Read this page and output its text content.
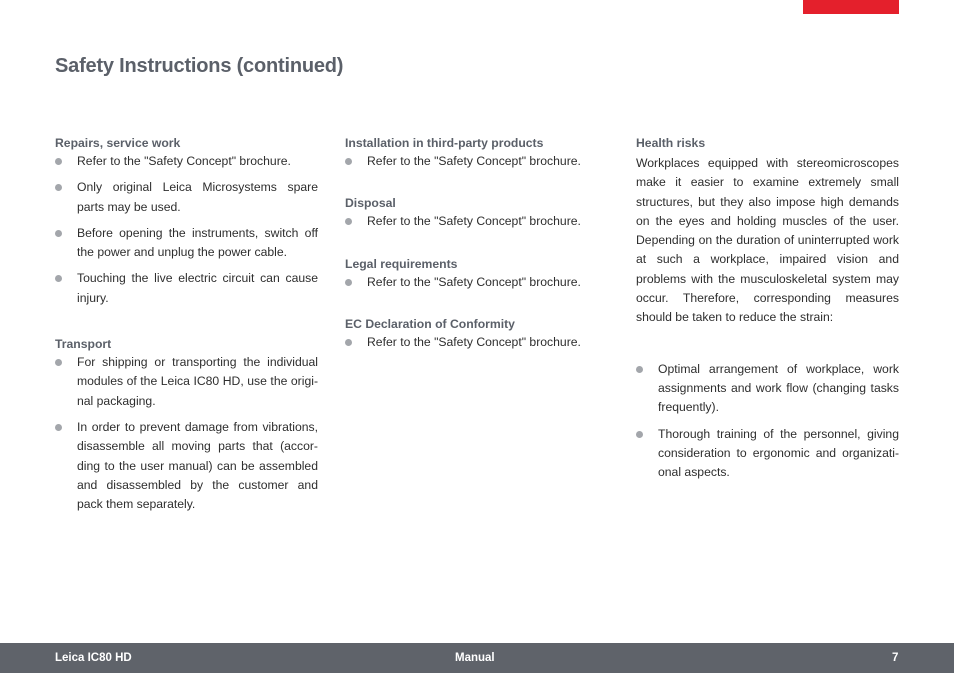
Safety Instructions (continued)
Repairs, service work
Refer to the "Safety Concept" brochure.
Only original Leica Microsystems spare parts may be used.
Before opening the instruments, switch off the power and unplug the power cable.
Touching the live electric circuit can cause injury.
Transport
For shipping or transporting the individual modules of the Leica IC80 HD, use the origi-nal packaging.
In order to prevent damage from vibrations, disassemble all moving parts that (accor-ding to the user manual) can be assembled and disassembled by the customer and pack them separately.
Installation in third-party products
Refer to the "Safety Concept" brochure.
Disposal
Refer to the "Safety Concept" brochure.
Legal requirements
Refer to the "Safety Concept" brochure.
EC Declaration of Conformity
Refer to the "Safety Concept" brochure.
Health risks

Workplaces equipped with stereomicroscopes make it easier to examine extremely small structures, but they also impose high demands on the eyes and holding muscles of the user. Depending on the duration of uninterrupted work at such a workplace, impaired vision and problems with the musculoskeletal system may occur. Therefore, corresponding measures should be taken to reduce the strain:

Optimal arrangement of workplace, work assignments and work flow (changing tasks frequently).
Thorough training of the personnel, giving consideration to ergonomic and organizati-onal aspects.
Leica IC80 HD	Manual	7
